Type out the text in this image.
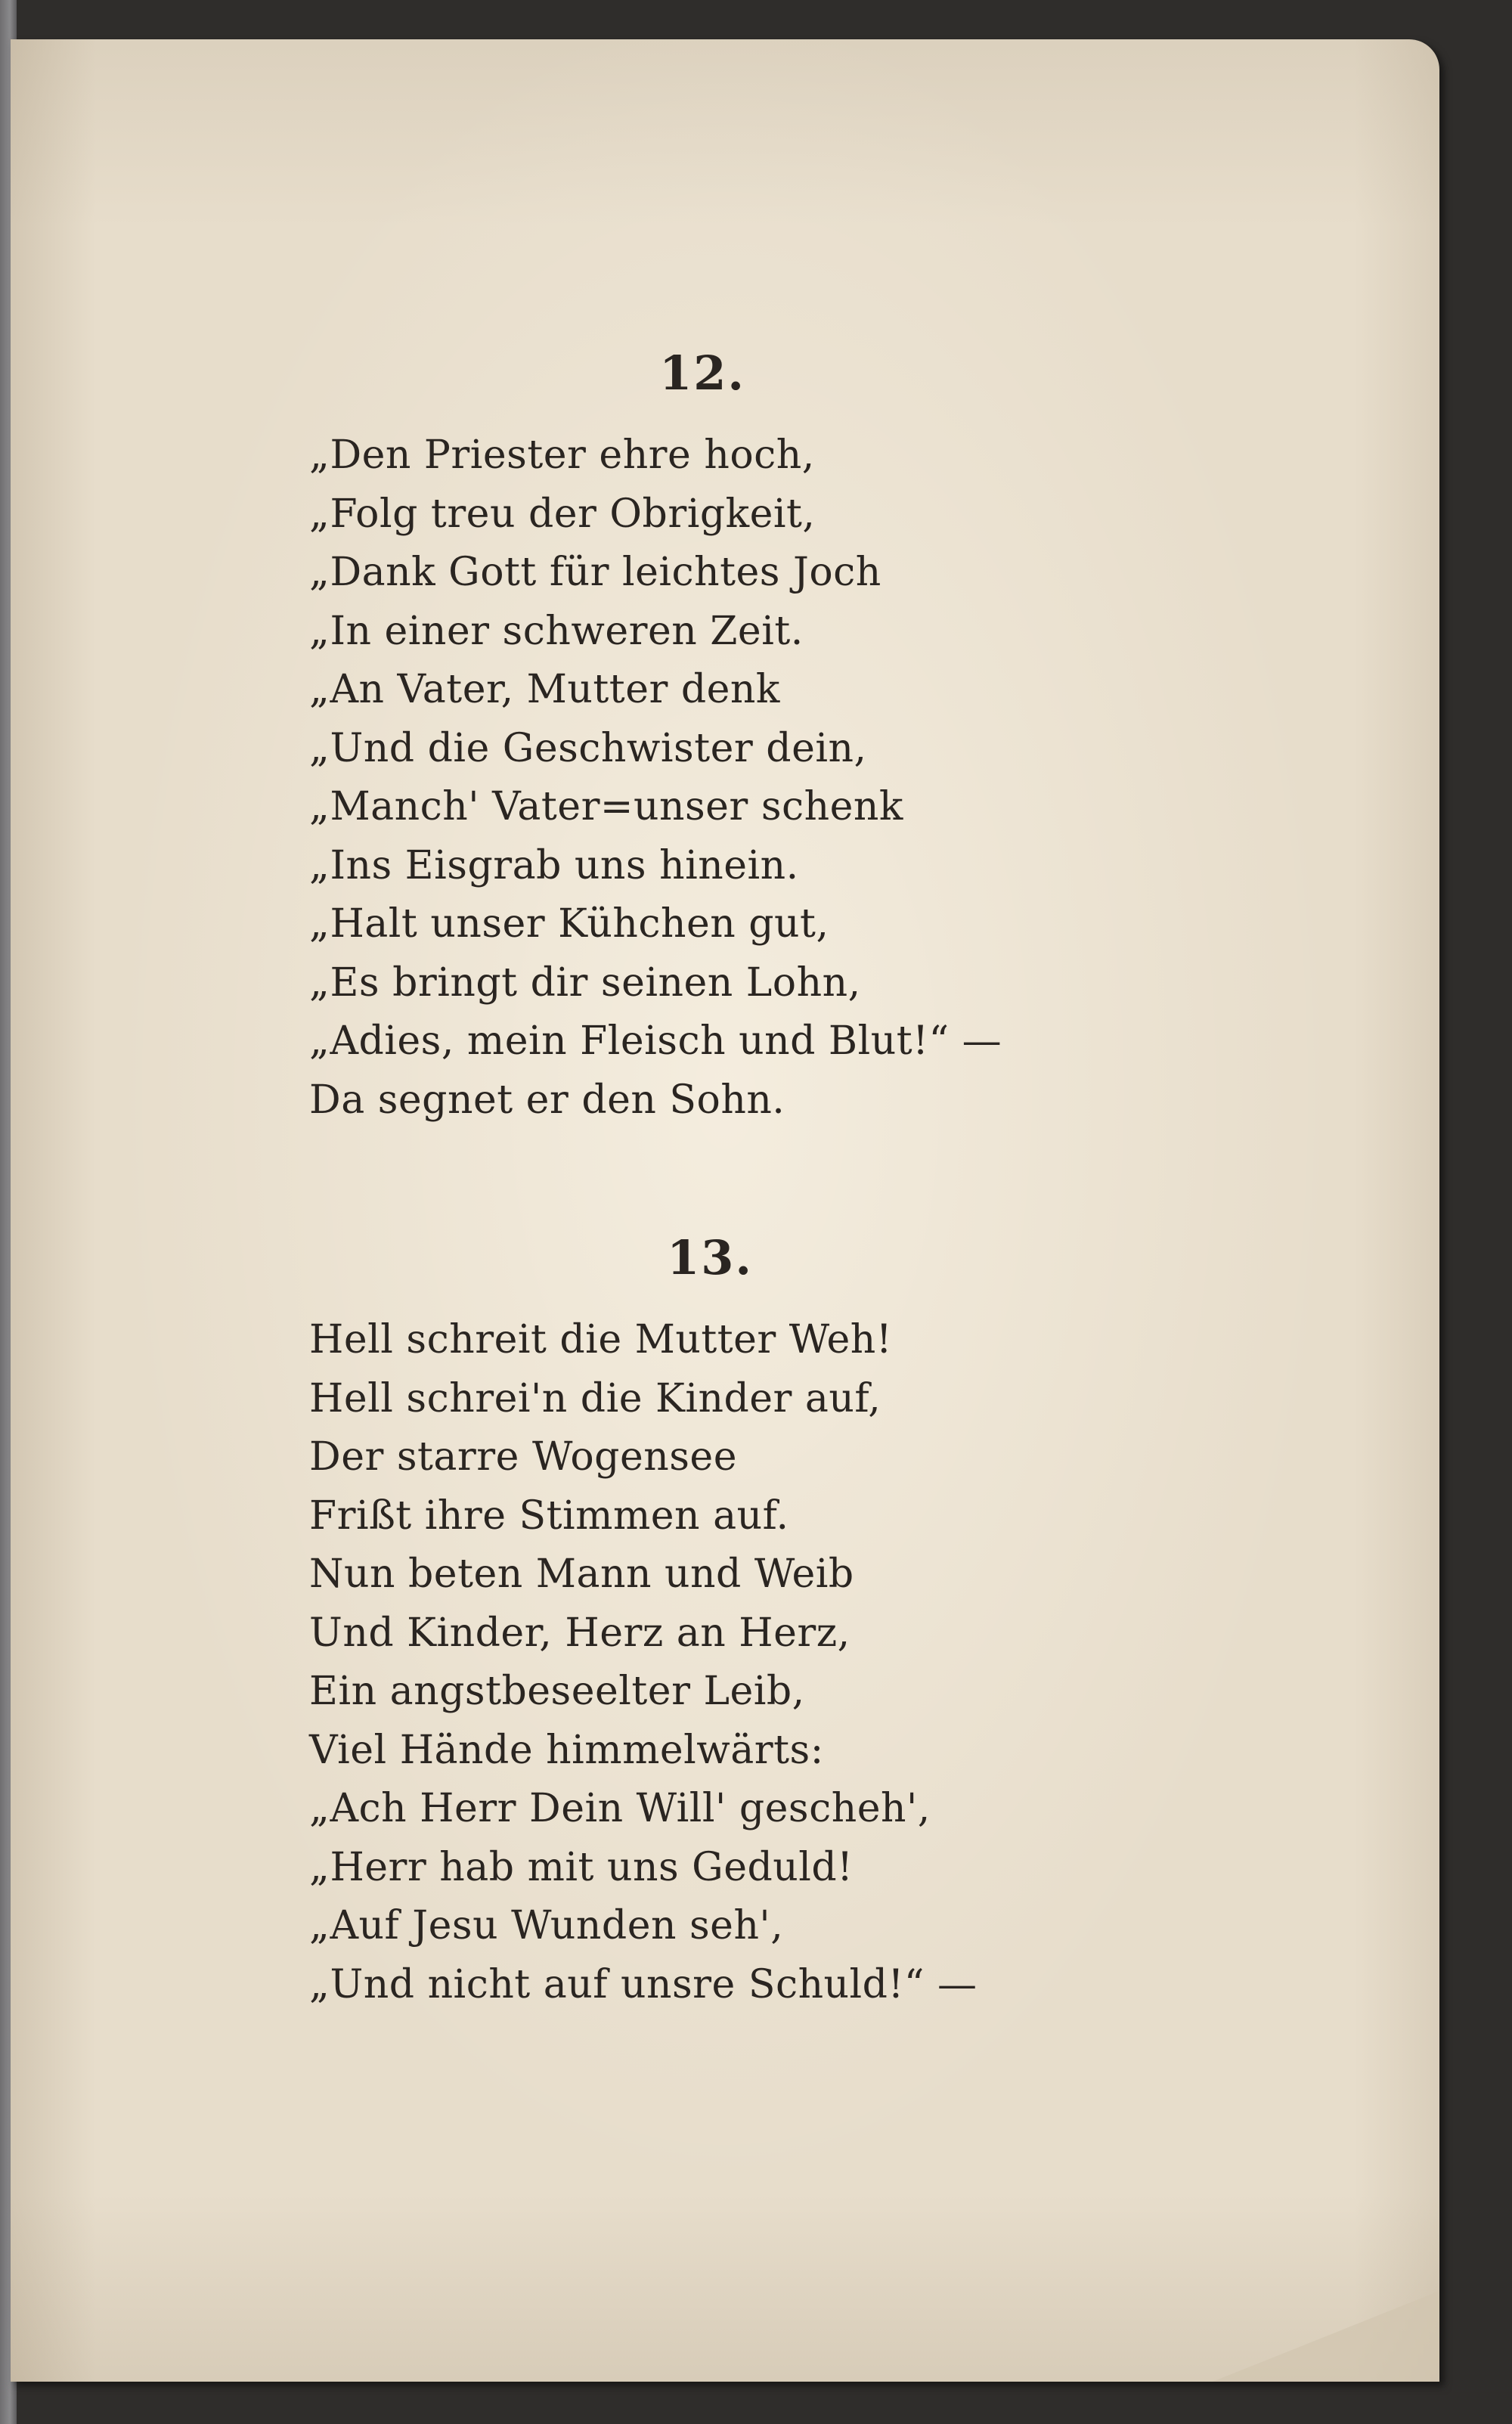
12.
„Den Priester ehre hoch,
„Folg treu der Obrigkeit,
„Dank Gott für leichtes Joch
„In einer schweren Zeit.
„An Vater, Mutter denk
„Und die Geschwister dein,
„Manch' Vater=unser schenk
„Ins Eisgrab uns hinein.
„Halt unser Kühchen gut,
„Es bringt dir seinen Lohn,
„Adies, mein Fleisch und Blut!“ —
Da segnet er den Sohn.
13.
Hell schreit die Mutter Weh!
Hell schrei'n die Kinder auf,
Der starre Wogensee
Frißt ihre Stimmen auf.
Nun beten Mann und Weib
Und Kinder, Herz an Herz,
Ein angstbeseelter Leib,
Viel Hände himmelwärts:
„Ach Herr Dein Will' gescheh',
„Herr hab mit uns Geduld!
„Auf Jesu Wunden seh',
„Und nicht auf unsre Schuld!“ —
